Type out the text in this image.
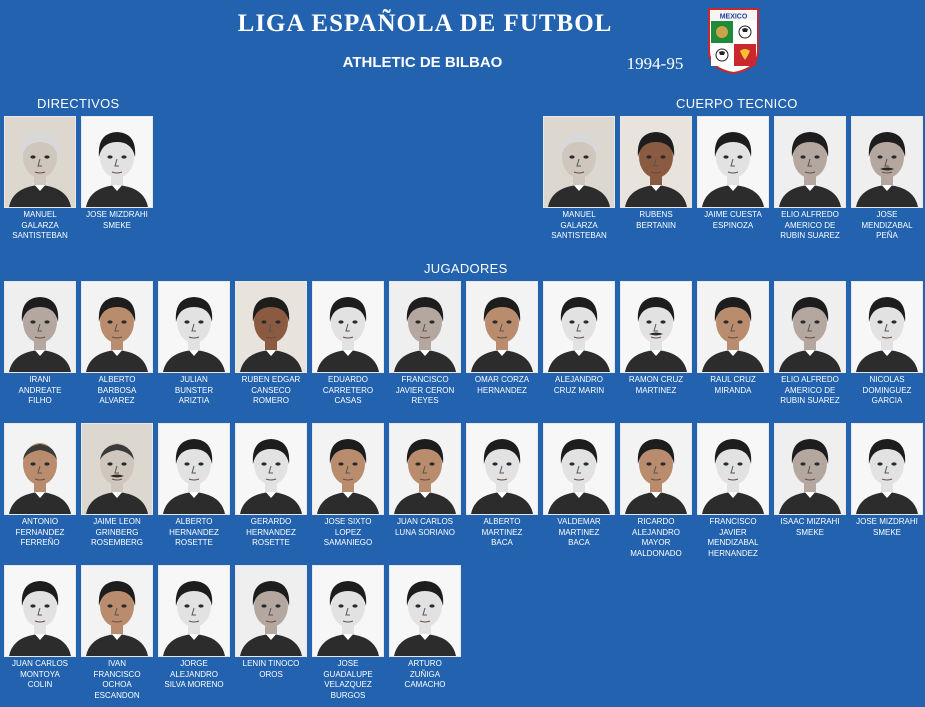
LIGA ESPAÑOLA DE FUTBOL
ATHLETIC DE BILBAO	1994-95
MEXICO
DIRECTIVOS	CUERPO TECNICO
JUGADORES
MANUEL
GALARZA
SANTISTEBAN
JOSE MIZDRAHI
SMEKE
MANUEL
GALARZA
SANTISTEBAN
RUBENS
BERTANIN
JAIME CUESTA
ESPINOZA
ELIO ALFREDO
AMERICO DE
RUBIN SUAREZ
JOSE
MENDIZABAL
PEÑA
IRANI
ANDREATE
FILHO
ALBERTO
BARBOSA
ALVAREZ
JULIAN
BUNSTER
ARIZTIA
RUBEN EDGAR
CANSECO
ROMERO
EDUARDO
CARRETERO
CASAS
FRANCISCO
JAVIER CERON
REYES
OMAR CORZA
HERNANDEZ
ALEJANDRO
CRUZ MARIN
RAMON CRUZ
MARTINEZ
RAUL CRUZ
MIRANDA
ELIO ALFREDO
AMERICO DE
RUBIN SUAREZ
NICOLAS
DOMINGUEZ
GARCIA
ANTONIO
FERNANDEZ
FERREÑO
JAIME LEON
GRINBERG
ROSEMBERG
ALBERTO
HERNANDEZ
ROSETTE
GERARDO
HERNANDEZ
ROSETTE
JOSE SIXTO
LOPEZ
SAMANIEGO
JUAN CARLOS
LUNA SORIANO
ALBERTO
MARTINEZ
BACA
VALDEMAR
MARTINEZ
BACA
RICARDO
ALEJANDRO
MAYOR
MALDONADO
FRANCISCO
JAVIER
MENDIZABAL
HERNANDEZ
ISAAC MIZRAHI
SMEKE
JOSE MIZDRAHI
SMEKE
JUAN CARLOS
MONTOYA
COLIN
IVAN
FRANCISCO
OCHOA
ESCANDON
JORGE
ALEJANDRO
SILVA MORENO
LENIN TINOCO
OROS
JOSE
GUADALUPE
VELAZQUEZ
BURGOS
ARTURO
ZUÑIGA
CAMACHO
